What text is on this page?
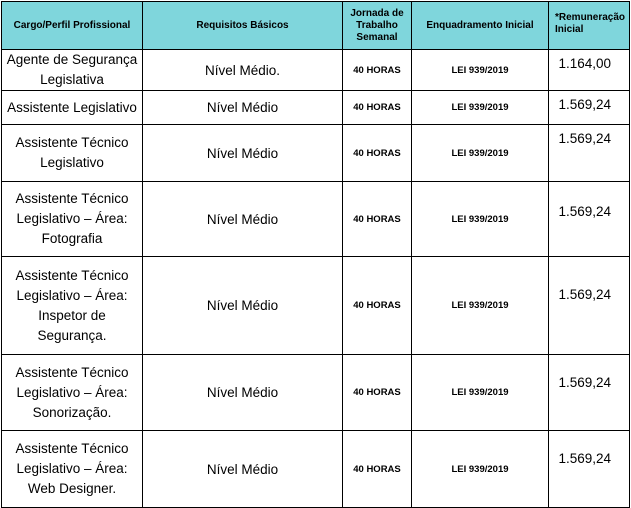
Cargo/Perfil Profissional	Requisitos Básicos	Jornada de Trabalho Semanal	Enquadramento Inicial	*Remuneração Inicial
Agente de Segurança Legislativa	Nível Médio.	40 HORAS	LEI 939/2019	1.164,00
Assistente Legislativo	Nível Médio	40 HORAS	LEI 939/2019	1.569,24
Assistente Técnico Legislativo	Nível Médio	40 HORAS	LEI 939/2019	1.569,24
Assistente Técnico Legislativo – Área: Fotografia	Nível Médio	40 HORAS	LEI 939/2019	1.569,24
Assistente Técnico Legislativo – Área: Inspetor de Segurança.	Nível Médio	40 HORAS	LEI 939/2019	1.569,24
Assistente Técnico Legislativo – Área: Sonorização.	Nível Médio	40 HORAS	LEI 939/2019	1.569,24
Assistente Técnico Legislativo – Área: Web Designer.	Nível Médio	40 HORAS	LEI 939/2019	1.569,24
